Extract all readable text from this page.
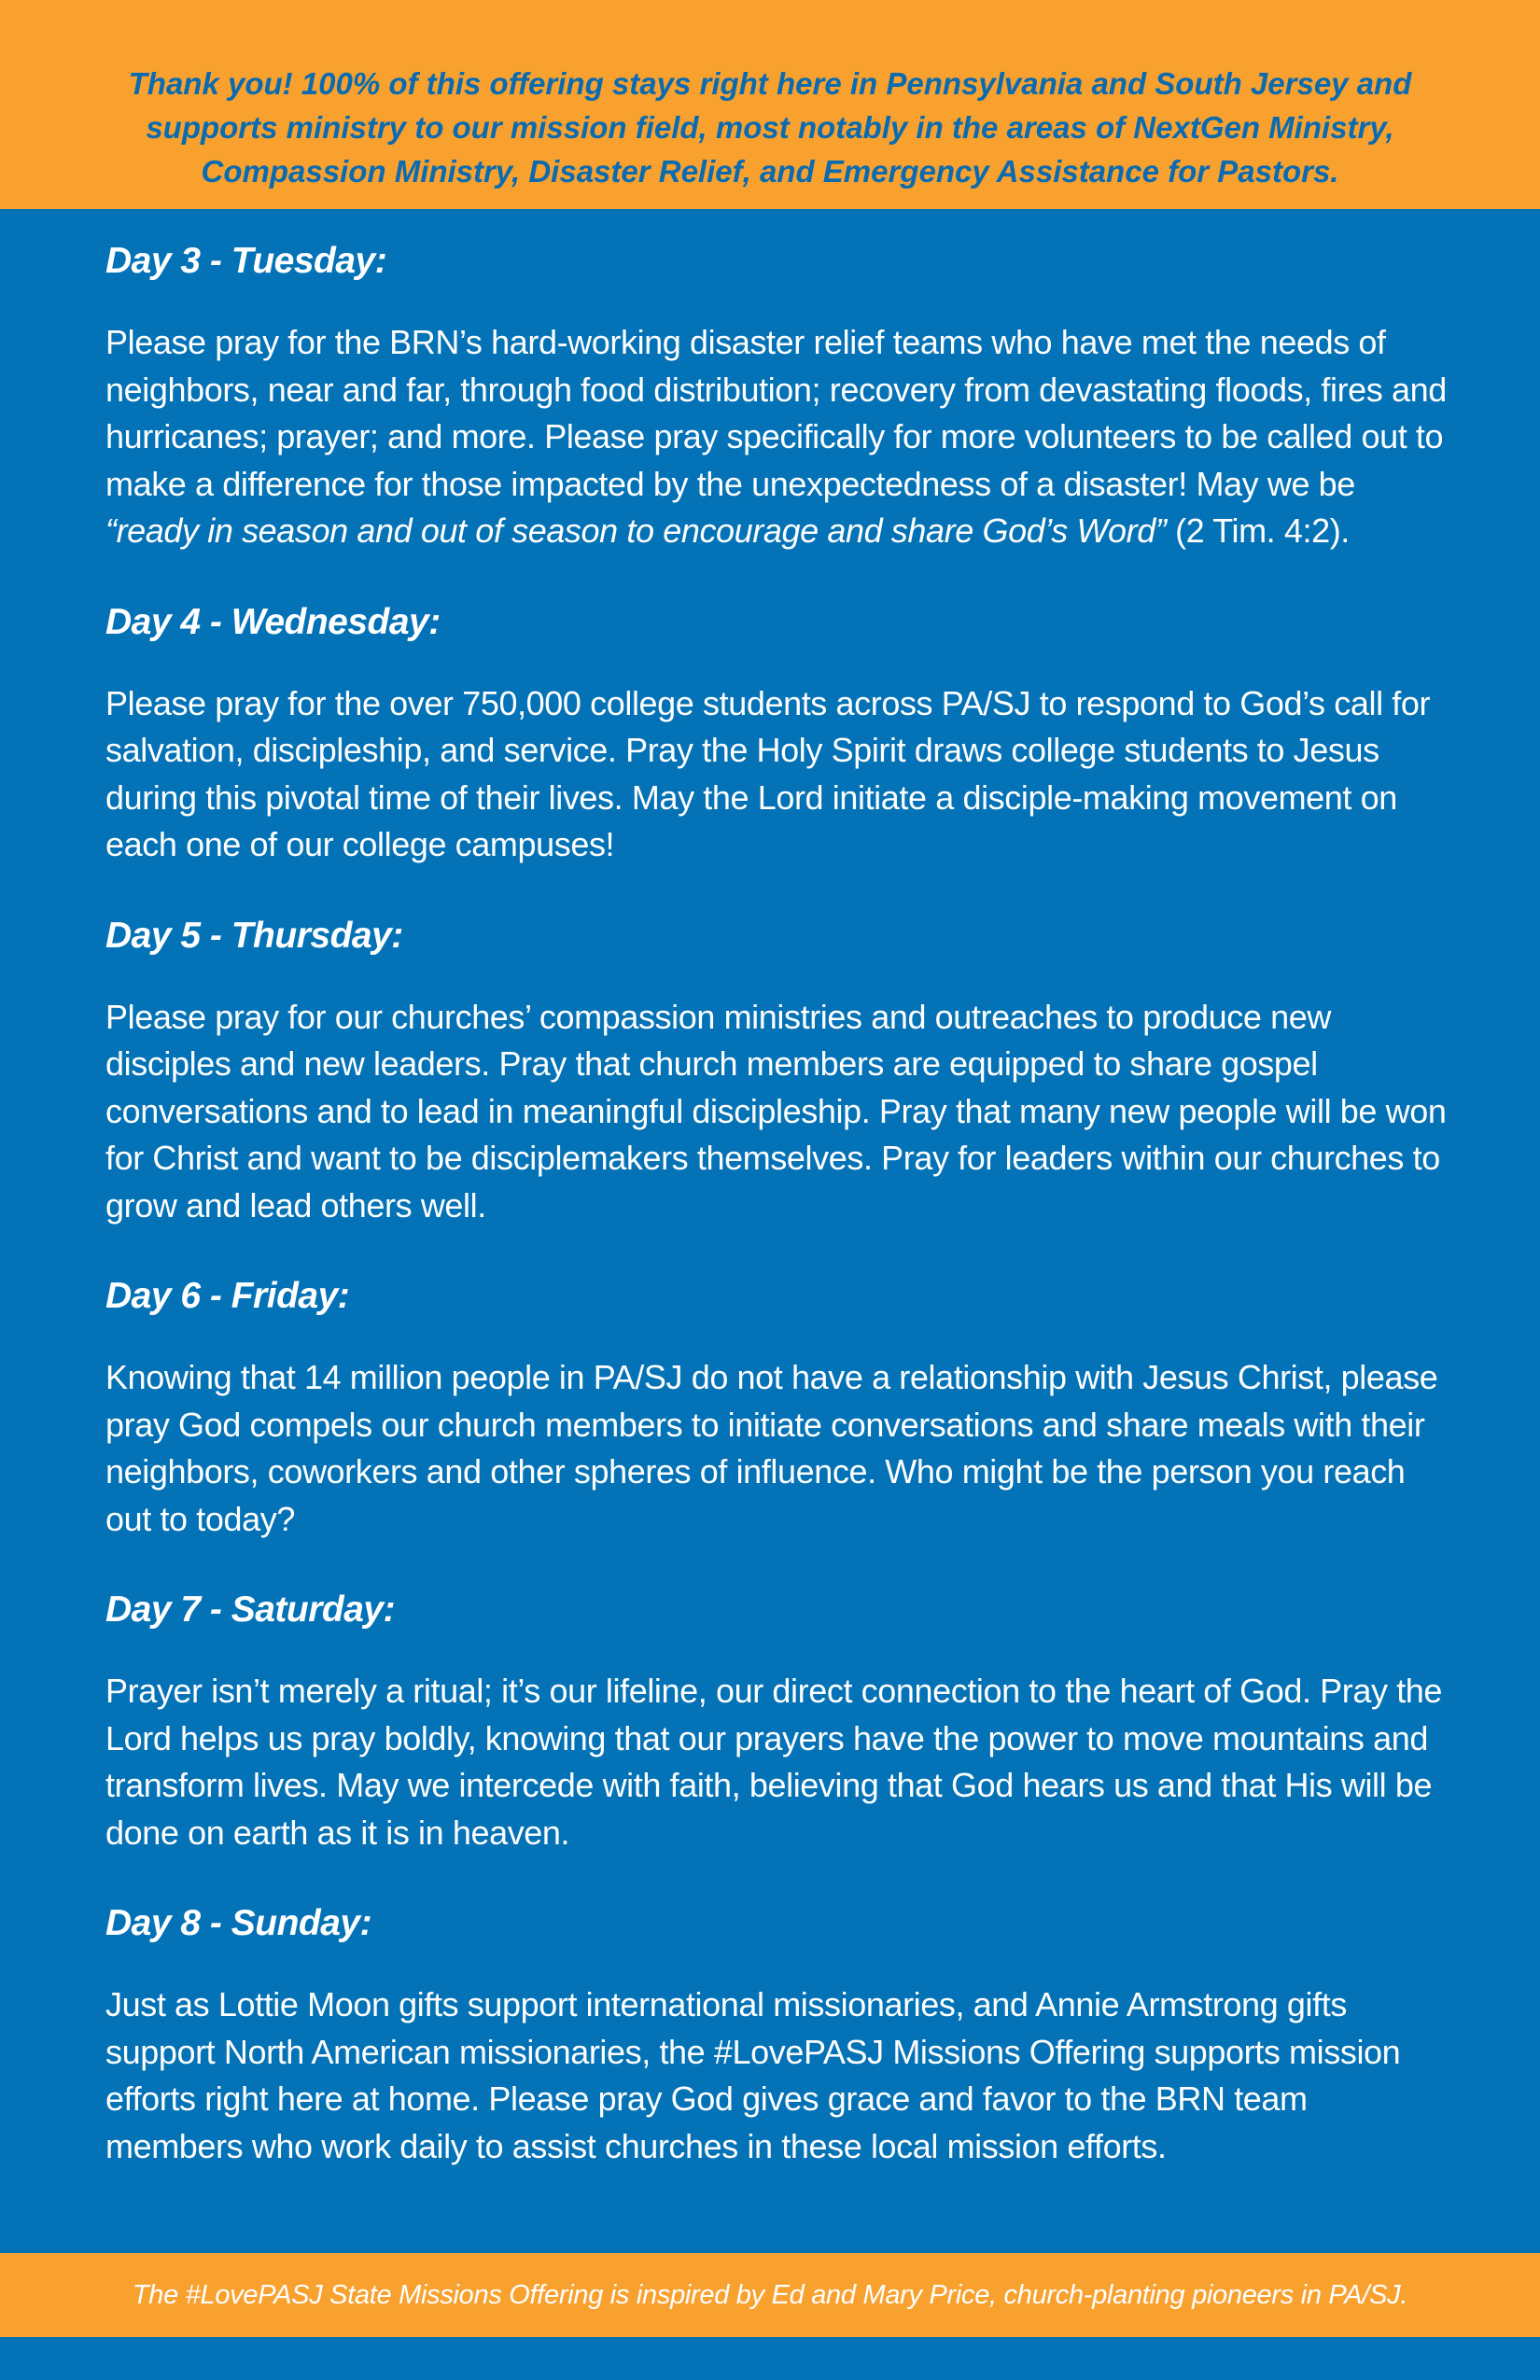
Thank you! 100% of this offering stays right here in Pennsylvania and South Jersey and supports ministry to our mission field, most notably in the areas of NextGen Ministry, Compassion Ministry, Disaster Relief, and Emergency Assistance for Pastors.

Day 3 - Tuesday:

Please pray for the BRN’s hard-working disaster relief teams who have met the needs of neighbors, near and far, through food distribution; recovery from devastating floods, fires and hurricanes; prayer; and more. Please pray specifically for more volunteers to be called out to make a difference for those impacted by the unexpectedness of a disaster! May we be “ready in season and out of season to encourage and share God’s Word” (2 Tim. 4:2).

Day 4 - Wednesday:

Please pray for the over 750,000 college students across PA/SJ to respond to God’s call for salvation, discipleship, and service. Pray the Holy Spirit draws college students to Jesus during this pivotal time of their lives. May the Lord initiate a disciple-making movement on each one of our college campuses!

Day 5 - Thursday:

Please pray for our churches’ compassion ministries and outreaches to produce new disciples and new leaders. Pray that church members are equipped to share gospel conversations and to lead in meaningful discipleship. Pray that many new people will be won for Christ and want to be disciplemakers themselves. Pray for leaders within our churches to grow and lead others well.

Day 6 - Friday:

Knowing that 14 million people in PA/SJ do not have a relationship with Jesus Christ, please pray God compels our church members to initiate conversations and share meals with their neighbors, coworkers and other spheres of influence. Who might be the person you reach out to today?

Day 7 - Saturday:

Prayer isn’t merely a ritual; it’s our lifeline, our direct connection to the heart of God. Pray the Lord helps us pray boldly, knowing that our prayers have the power to move mountains and transform lives. May we intercede with faith, believing that God hears us and that His will be done on earth as it is in heaven.

Day 8 - Sunday:

Just as Lottie Moon gifts support international missionaries, and Annie Armstrong gifts support North American missionaries, the #LovePASJ Missions Offering supports mission efforts right here at home. Please pray God gives grace and favor to the BRN team members who work daily to assist churches in these local mission efforts.

The #LovePASJ State Missions Offering is inspired by Ed and Mary Price, church-planting pioneers in PA/SJ.
